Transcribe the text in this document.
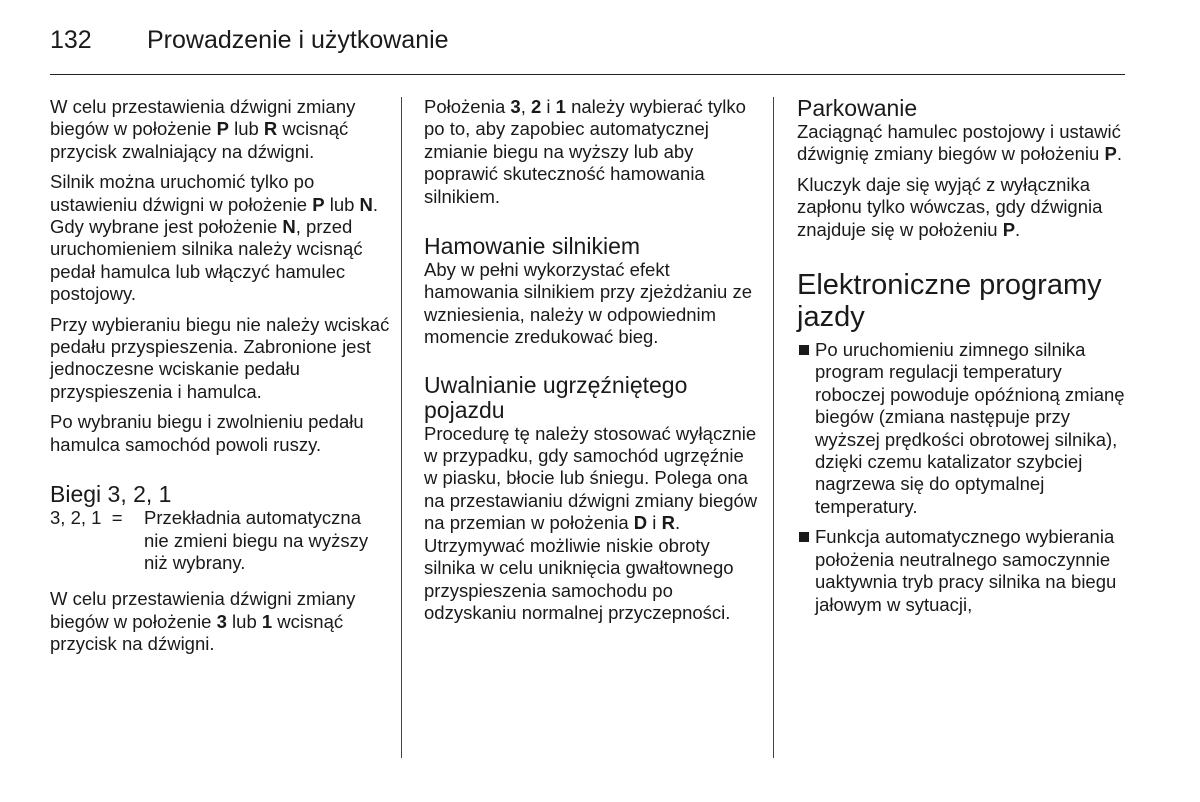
132 Prowadzenie i użytkowanie

W celu przestawienia dźwigni zmiany biegów w położenie P lub R wcisnąć przycisk zwalniający na dźwigni.

Silnik można uruchomić tylko po ustawieniu dźwigni w położenie P lub N. Gdy wybrane jest położenie N, przed uruchomieniem silnika należy wcisnąć pedał hamulca lub włączyć hamulec postojowy.

Przy wybieraniu biegu nie należy wciskać pedału przyspieszenia. Zabronione jest jednoczesne wciskanie pedału przyspieszenia i hamulca.

Po wybraniu biegu i zwolnieniu pedału hamulca samochód powoli ruszy.

Biegi 3, 2, 1
3, 2, 1  =	Przekładnia automatyczna nie zmieni biegu na wyższy niż wybrany.

W celu przestawienia dźwigni zmiany biegów w położenie 3 lub 1 wcisnąć przycisk na dźwigni.

Położenia 3, 2 i 1 należy wybierać tylko po to, aby zapobiec automatycznej zmianie biegu na wyższy lub aby poprawić skuteczność hamowania silnikiem.

Hamowanie silnikiem

Aby w pełni wykorzystać efekt hamowania silnikiem przy zjeżdżaniu ze wzniesienia, należy w odpowiednim momencie zredukować bieg.

Uwalnianie ugrzęźniętego pojazdu

Procedurę tę należy stosować wyłącznie w przypadku, gdy samochód ugrzęźnie w piasku, błocie lub śniegu. Polega ona na przestawianiu dźwigni zmiany biegów na przemian w położenia D i R. Utrzymywać możliwie niskie obroty silnika w celu uniknięcia gwałtownego przyspieszenia samochodu po odzyskaniu normalnej przyczepności.

Parkowanie

Zaciągnąć hamulec postojowy i ustawić dźwignię zmiany biegów w położeniu P.

Kluczyk daje się wyjąć z wyłącznika zapłonu tylko wówczas, gdy dźwignia znajduje się w położeniu P.

Elektroniczne programy jazdy
Po uruchomieniu zimnego silnika program regulacji temperatury roboczej powoduje opóźnioną zmianę biegów (zmiana następuje przy wyższej prędkości obrotowej silnika), dzięki czemu katalizator szybciej nagrzewa się do optymalnej temperatury.
Funkcja automatycznego wybierania położenia neutralnego samoczynnie uaktywnia tryb pracy silnika na biegu jałowym w sytuacji,
